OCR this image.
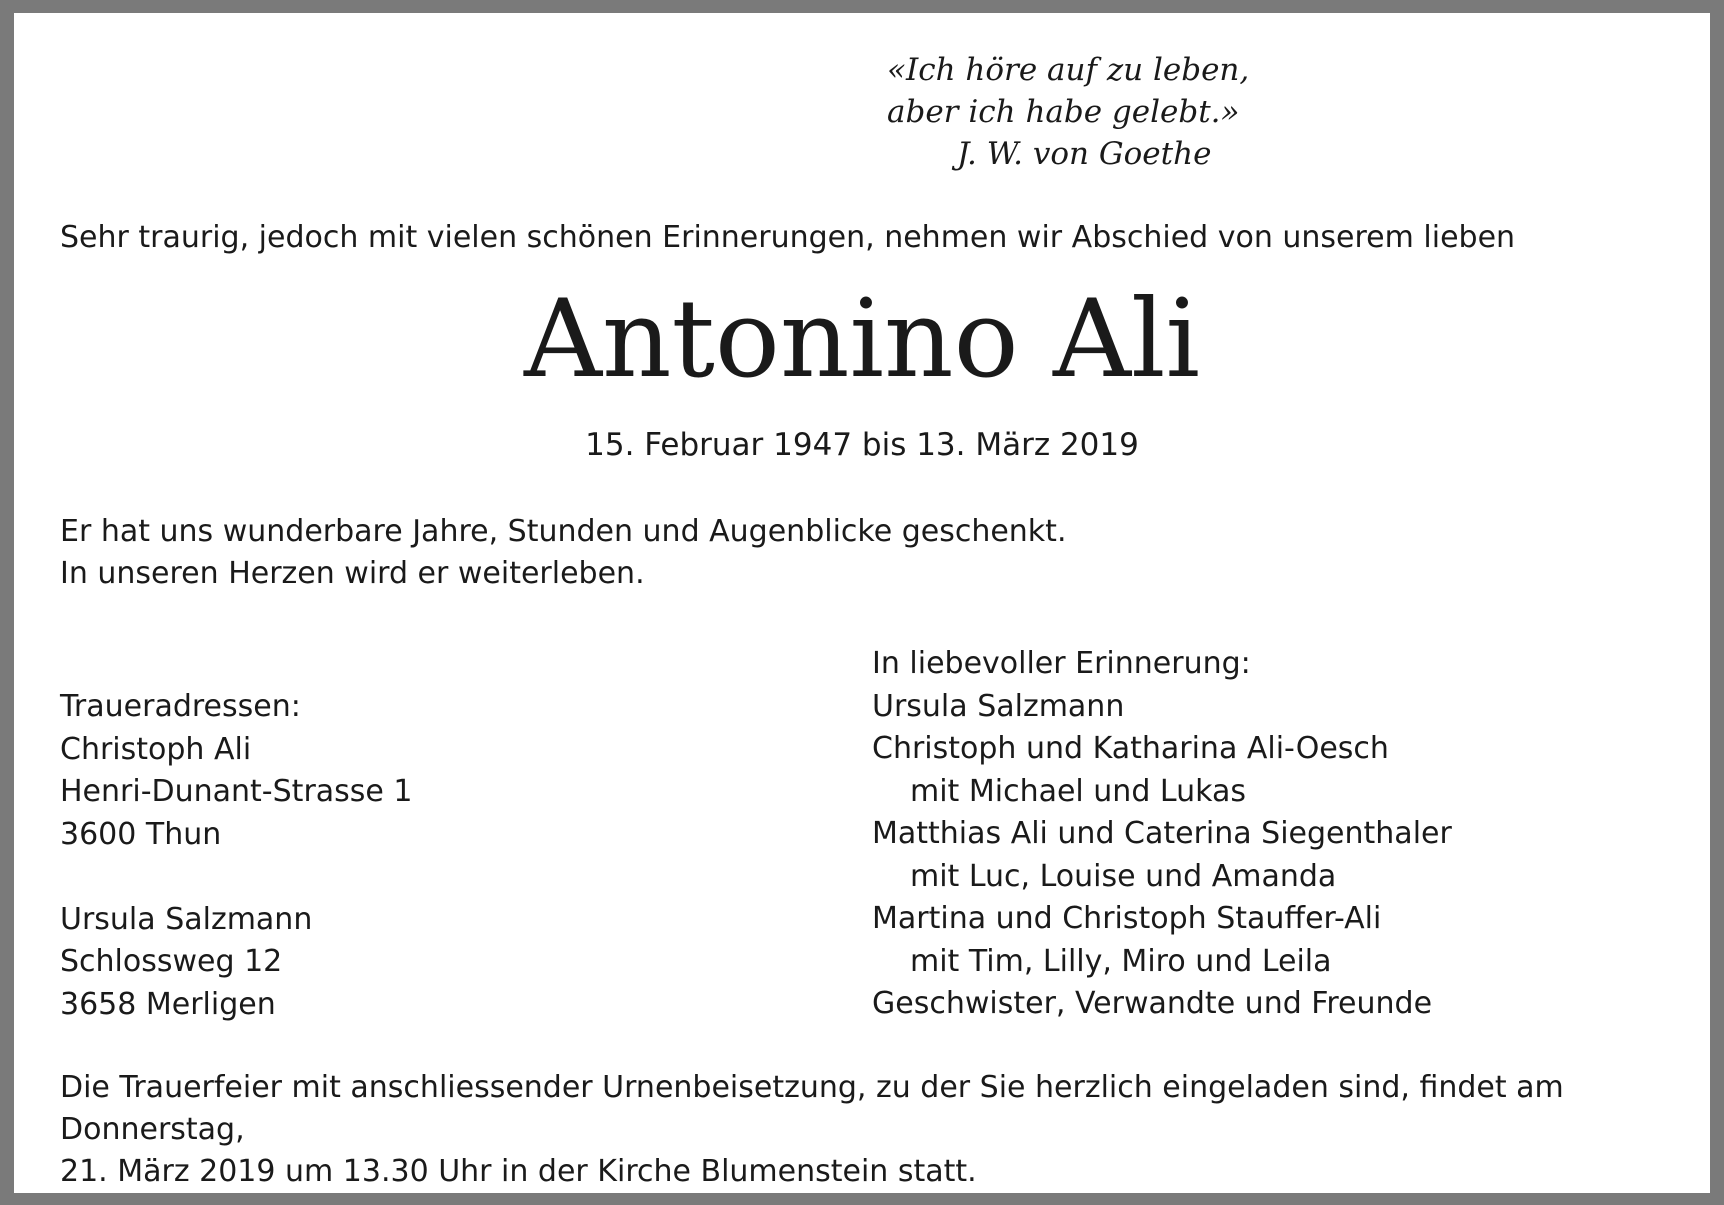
«Ich höre auf zu leben,
aber ich habe gelebt.»
J. W. von Goethe
Sehr traurig, jedoch mit vielen schönen Erinnerungen, nehmen wir Abschied von unserem lieben
Antonino Ali
15. Februar 1947 bis 13. März 2019
Er hat uns wunderbare Jahre, Stunden und Augenblicke geschenkt.
In unseren Herzen wird er weiterleben.
Traueradressen:
Christoph Ali
Henri-Dunant-Strasse 1
3600 Thun
Ursula Salzmann
Schlossweg 12
3658 Merligen
In liebevoller Erinnerung:
Ursula Salzmann
Christoph und Katharina Ali-Oesch
mit Michael und Lukas
Matthias Ali und Caterina Siegenthaler
mit Luc, Louise und Amanda
Martina und Christoph Stauffer-Ali
mit Tim, Lilly, Miro und Leila
Geschwister, Verwandte und Freunde
Die Trauerfeier mit anschliessender Urnenbeisetzung, zu der Sie herzlich eingeladen sind, findet am Donnerstag,
21. März 2019 um 13.30 Uhr in der Kirche Blumenstein statt.
